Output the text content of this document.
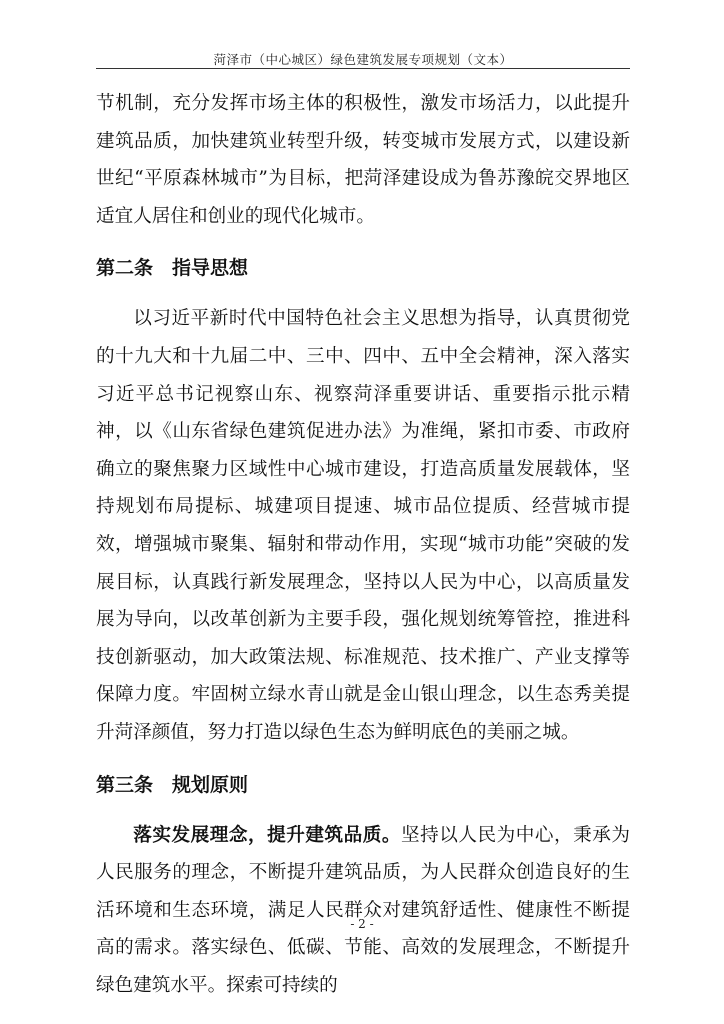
菏泽市（中心城区）绿色建筑发展专项规划（文本）

节机制，充分发挥市场主体的积极性，激发市场活力，以此提升建筑品质，加快建筑业转型升级，转变城市发展方式，以建设新世纪“平原森林城市”为目标，把菏泽建设成为鲁苏豫皖交界地区适宜人居住和创业的现代化城市。

第二条　指导思想

以习近平新时代中国特色社会主义思想为指导，认真贯彻党的十九大和十九届二中、三中、四中、五中全会精神，深入落实习近平总书记视察山东、视察菏泽重要讲话、重要指示批示精神，以《山东省绿色建筑促进办法》为准绳，紧扣市委、市政府确立的聚焦聚力区域性中心城市建设，打造高质量发展载体，坚持规划布局提标、城建项目提速、城市品位提质、经营城市提效，增强城市聚集、辐射和带动作用，实现“城市功能”突破的发展目标，认真践行新发展理念，坚持以人民为中心，以高质量发展为导向，以改革创新为主要手段，强化规划统筹管控，推进科技创新驱动，加大政策法规、标准规范、技术推广、产业支撑等保障力度。牢固树立绿水青山就是金山银山理念，以生态秀美提升菏泽颜值，努力打造以绿色生态为鲜明底色的美丽之城。

第三条　规划原则

落实发展理念，提升建筑品质。坚持以人民为中心，秉承为人民服务的理念，不断提升建筑品质，为人民群众创造良好的生活环境和生态环境，满足人民群众对建筑舒适性、健康性不断提高的需求。落实绿色、低碳、节能、高效的发展理念，不断提升绿色建筑水平。探索可持续的

- 2 -
